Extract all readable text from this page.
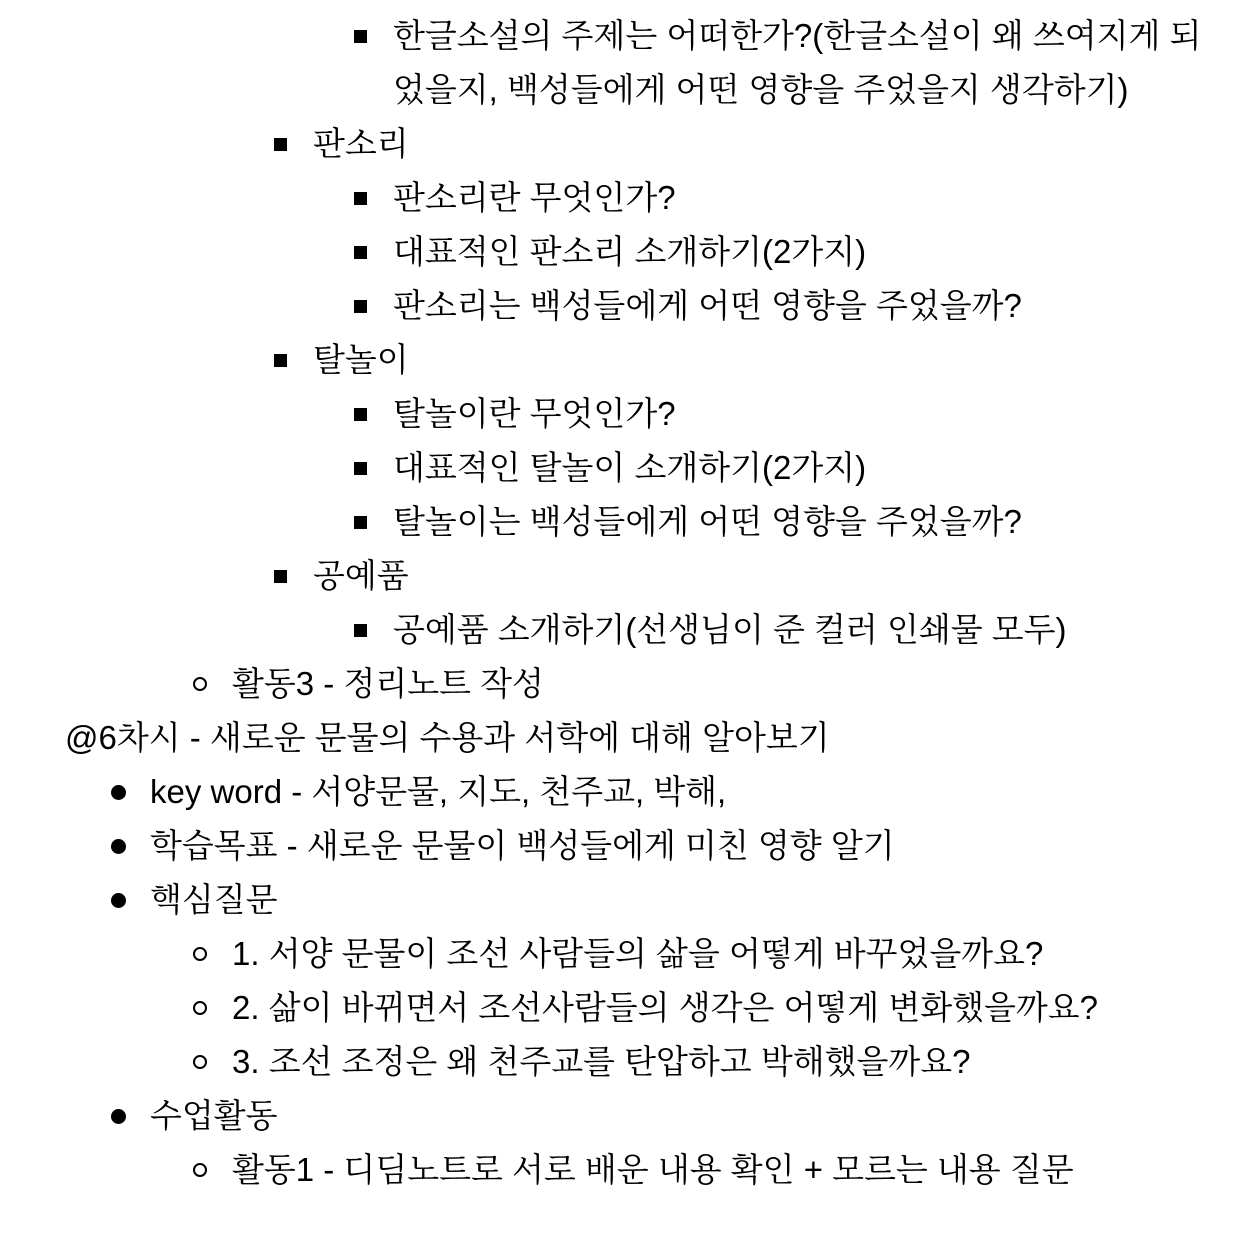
한글소설의 주제는 어떠한가?(한글소설이 왜 쓰여지게 되었을지, 백성들에게 어떤 영향을 주었을지 생각하기)
판소리
판소리란 무엇인가?
대표적인 판소리 소개하기(2가지)
판소리는 백성들에게 어떤 영향을 주었을까?
탈놀이
탈놀이란 무엇인가?
대표적인 탈놀이 소개하기(2가지)
탈놀이는 백성들에게 어떤 영향을 주었을까?
공예품
공예품 소개하기(선생님이 준 컬러 인쇄물 모두)
활동3 - 정리노트 작성
@6차시 - 새로운 문물의 수용과 서학에 대해 알아보기
key word - 서양문물, 지도, 천주교, 박해,
학습목표 - 새로운 문물이 백성들에게 미친 영향 알기
핵심질문
1. 서양 문물이 조선 사람들의 삶을 어떻게 바꾸었을까요?
2. 삶이 바뀌면서 조선사람들의 생각은 어떻게 변화했을까요?
3. 조선 조정은 왜 천주교를 탄압하고 박해했을까요?
수업활동
활동1 - 디딤노트로 서로 배운 내용 확인 + 모르는 내용 질문
